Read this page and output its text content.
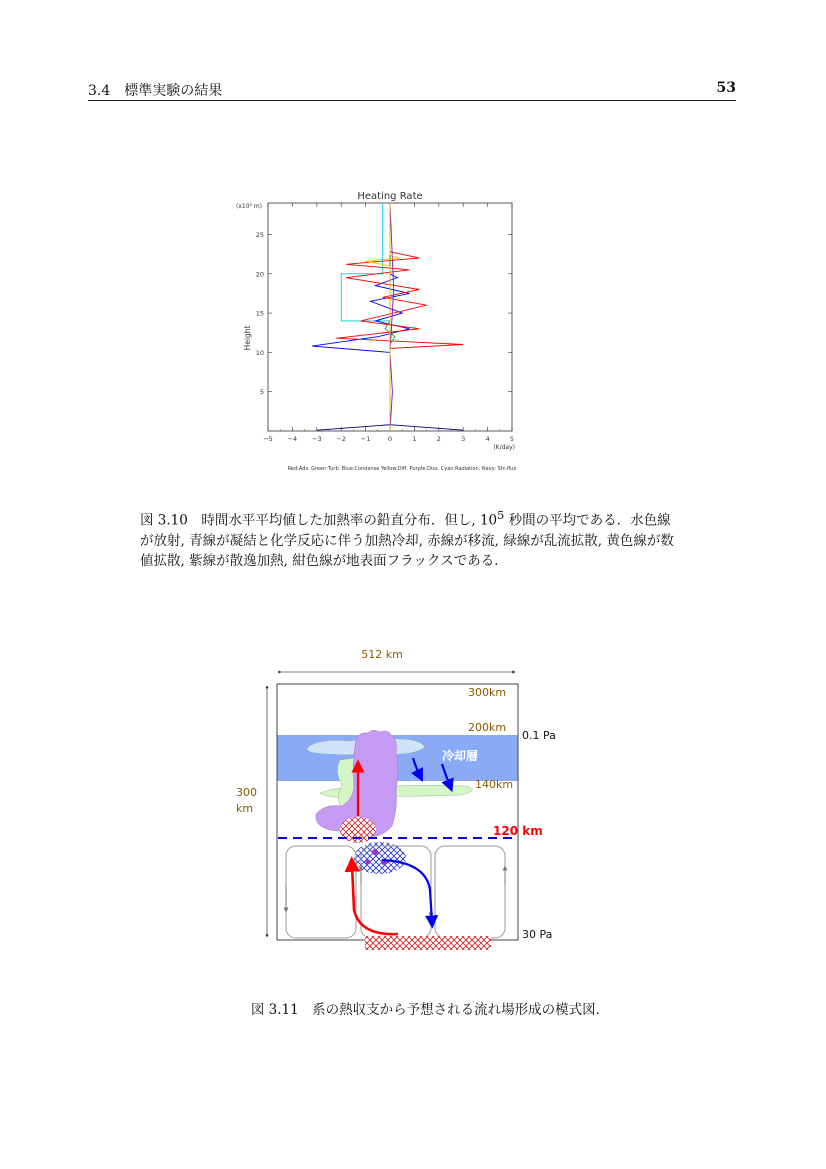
3.4　標準実験の結果	53
Heating Rate
(x10³ m)
Height
−5 −4 −3 −2 −1	0	1	2	3	4	5
5
10
15
20
25
(K/day)
Red:Adv. Green:Turb. Blue:Condense Yellow:Diff. Purple:Diss. Cyan:Radiation. Navy: Sfc-flux
図 3.10　 時間水平平均値した加熱率の鉛直分布．但し, $10^5$ 秒間の平均である．水色線が放射, 青線が凝結と化学反応に伴う加熱冷却, 赤線が移流, 緑線が乱流拡散, 黄色線が数値拡散, 紫線が散逸加熱, 紺色線が地表面フラックスである．
512 km
300
km
300km
200km
0.1 Pa
冷却層
140km
120 km
30 Pa
図 3.11　 系の熱収支から予想される流れ場形成の模式図．
